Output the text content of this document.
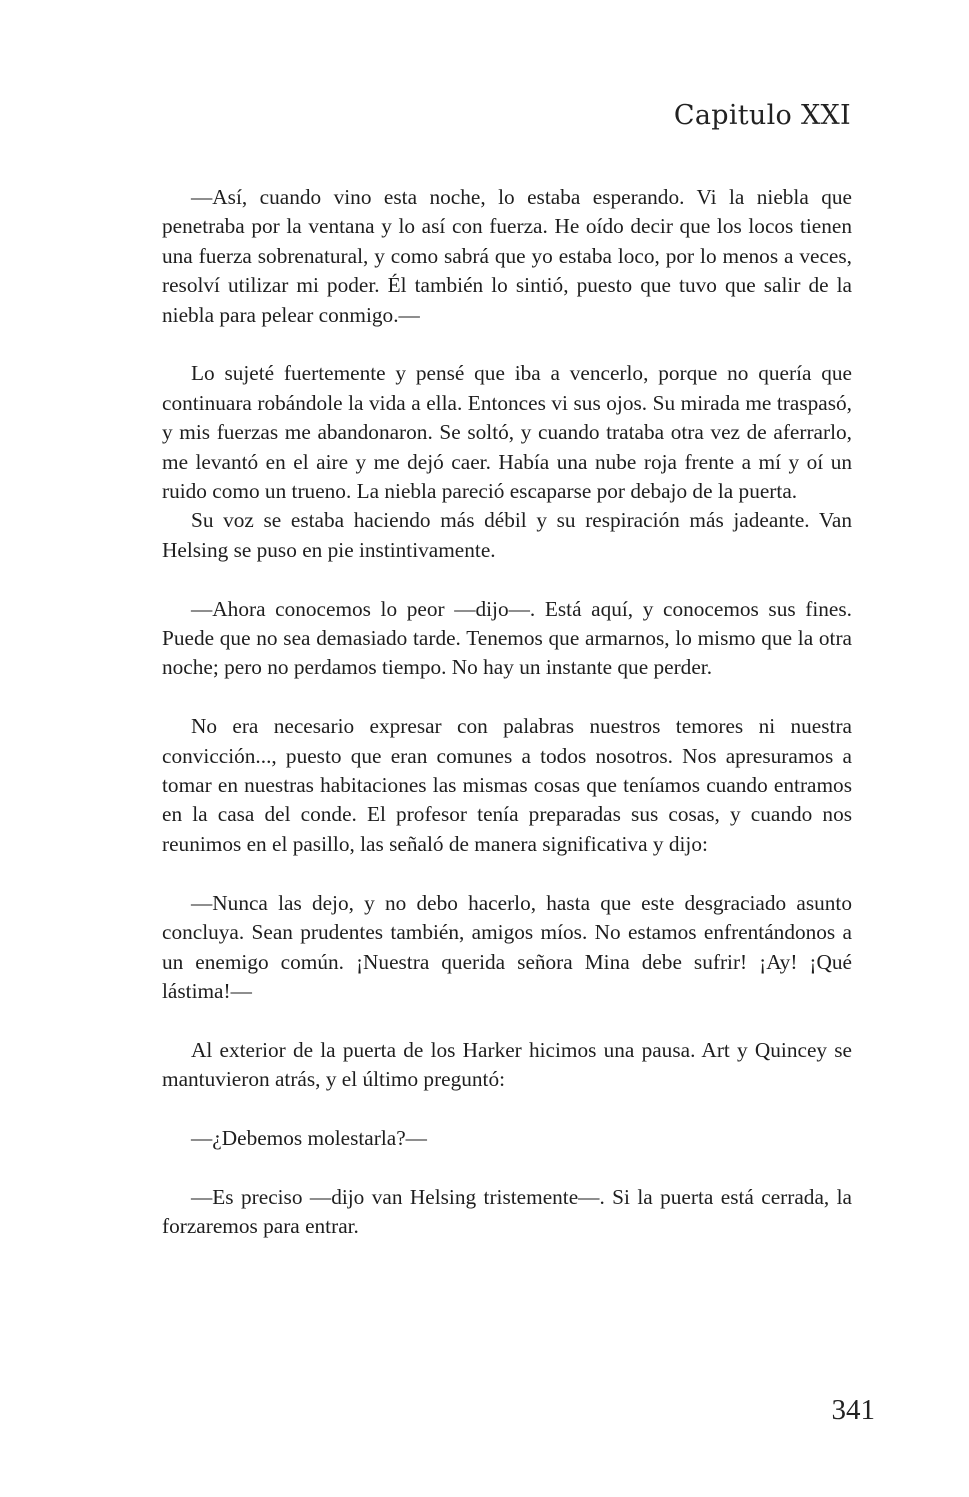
Capitulo XXI

—Así, cuando vino esta noche, lo estaba esperando. Vi la niebla que penetraba por la ventana y lo así con fuerza. He oído decir que los locos tienen una fuerza sobrenatural, y como sabrá que yo estaba loco, por lo menos a veces, resolví utilizar mi poder. Él también lo sintió, puesto que tuvo que salir de la niebla para pelear conmigo.—

Lo sujeté fuertemente y pensé que iba a vencerlo, porque no quería que continuara robándole la vida a ella. Entonces vi sus ojos. Su mirada me traspasó, y mis fuerzas me abandonaron. Se soltó, y cuando trataba otra vez de aferrarlo, me levantó en el aire y me dejó caer. Había una nube roja frente a mí y oí un ruido como un trueno. La niebla pareció escaparse por debajo de la puerta.

Su voz se estaba haciendo más débil y su respiración más jadeante. Van Helsing se puso en pie instintivamente.

—Ahora conocemos lo peor —dijo—. Está aquí, y conocemos sus fines. Puede que no sea demasiado tarde. Tenemos que armarnos, lo mismo que la otra noche; pero no perdamos tiempo. No hay un instante que perder.

No era necesario expresar con palabras nuestros temores ni nuestra convicción..., puesto que eran comunes a todos nosotros. Nos apresuramos a tomar en nuestras habitaciones las mismas cosas que teníamos cuando entramos en la casa del conde. El profesor tenía preparadas sus cosas, y cuando nos reunimos en el pasillo, las señaló de manera significativa y dijo:

—Nunca las dejo, y no debo hacerlo, hasta que este desgraciado asunto concluya. Sean prudentes también, amigos míos. No estamos enfrentándonos a un enemigo común. ¡Nuestra querida señora Mina debe sufrir! ¡Ay! ¡Qué lástima!—

Al exterior de la puerta de los Harker hicimos una pausa. Art y Quincey se mantuvieron atrás, y el último preguntó:

—¿Debemos molestarla?—

—Es preciso —dijo van Helsing tristemente—. Si la puerta está cerrada, la forzaremos para entrar.

341
